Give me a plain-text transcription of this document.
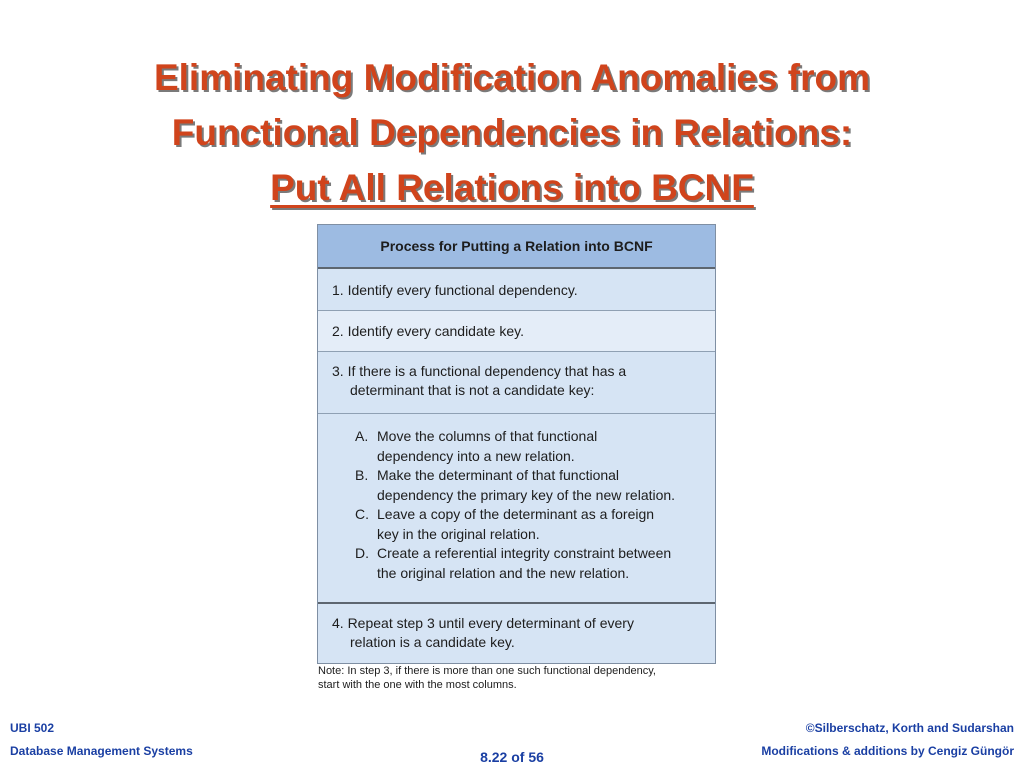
Eliminating Modification Anomalies from
Functional Dependencies in Relations:
Put All Relations into BCNF
Process for Putting a Relation into BCNF
1. Identify every functional dependency.
2. Identify every candidate key.
3. If there is a functional dependency that has a
determinant that is not a candidate key:
A. Move the columns of that functional
dependency into a new relation.
B. Make the determinant of that functional
dependency the primary key of the new relation.
C. Leave a copy of the determinant as a foreign
key in the original relation.
D. Create a referential integrity constraint between
the original relation and the new relation.
4. Repeat step 3 until every determinant of every
relation is a candidate key.
Note: In step 3, if there is more than one such functional dependency,
start with the one with the most columns.
UBI 502
Database Management Systems	8.22 of 56
©Silberschatz, Korth and Sudarshan
Modifications & additions by Cengiz Güngör
